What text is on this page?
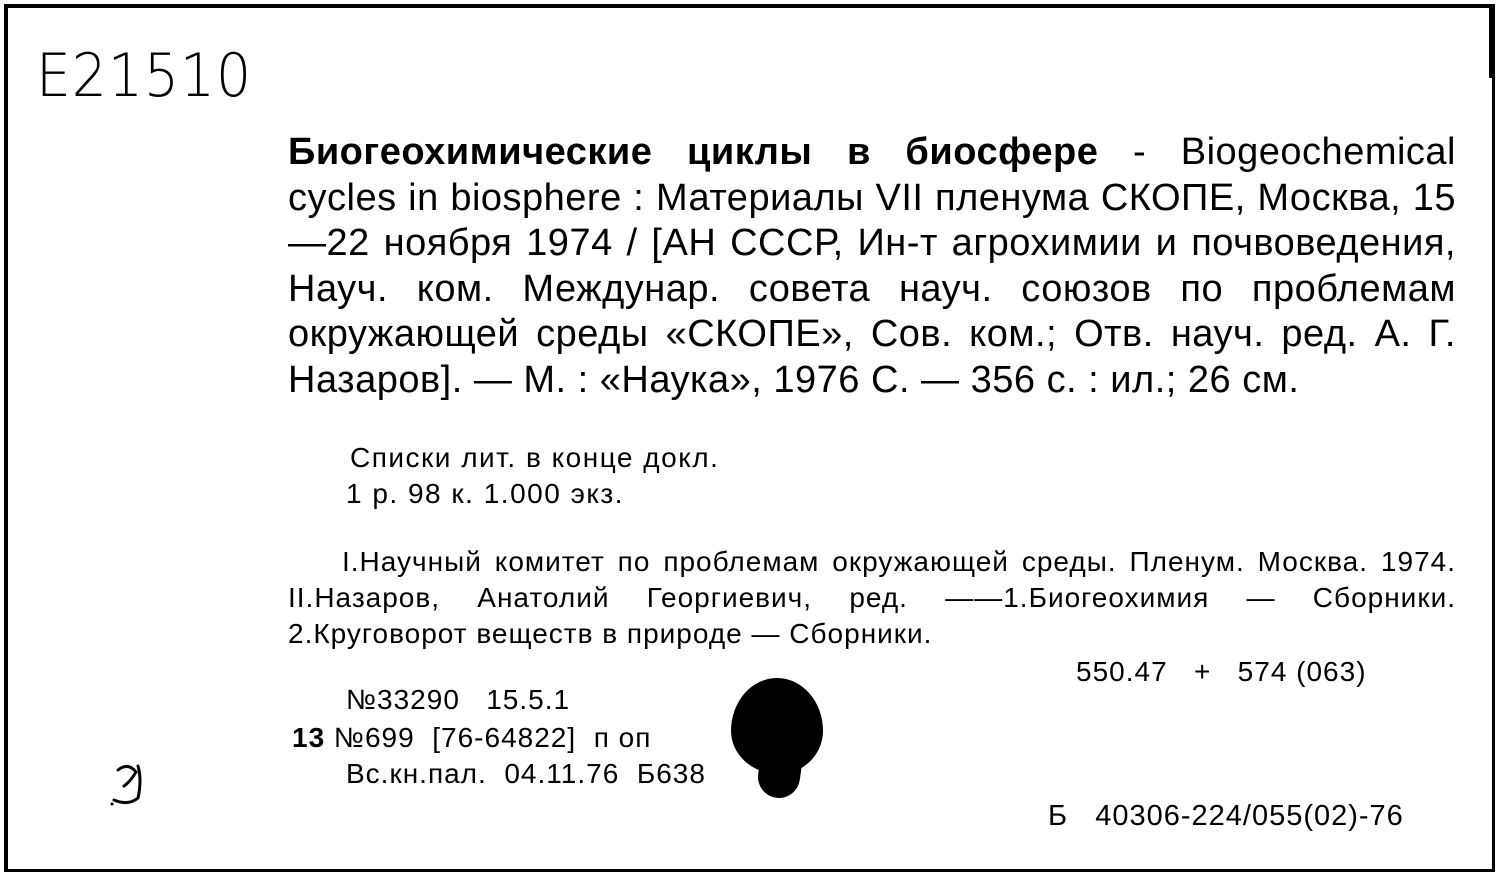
E21510
Биогеохимические циклы в биосфере - Biogeochemical cycles in biosphere : Материалы VII пленума СКОПЕ, Москва, 15—22 ноября 1974 / [АН СССР, Ин-т агрохимии и почвоведения, Науч. ком. Междунар. совета науч. союзов по проблемам окружающей среды «СКОПЕ», Сов. ком.; Отв. науч. ред. А. Г. Назаров]. — М. : «Наука», 1976 С. — 356 с. : ил.; 26 см.
Списки лит. в конце докл.
1 р. 98 к. 1.000 экз.
I.Научный комитет по проблемам окружающей среды. Пленум. Москва. 1974. II.Назаров, Анатолий Георгиевич, ред. ——1.Биогеохимия — Сборники. 2.Круговорот веществ в природе — Сборники.
550.47   +   574 (063)
№33290   15.5.1
13 №699  [76-64822]  п оп
Вс.кн.пал.  04.11.76  Б638
Б   40306-224/055(02)-76
